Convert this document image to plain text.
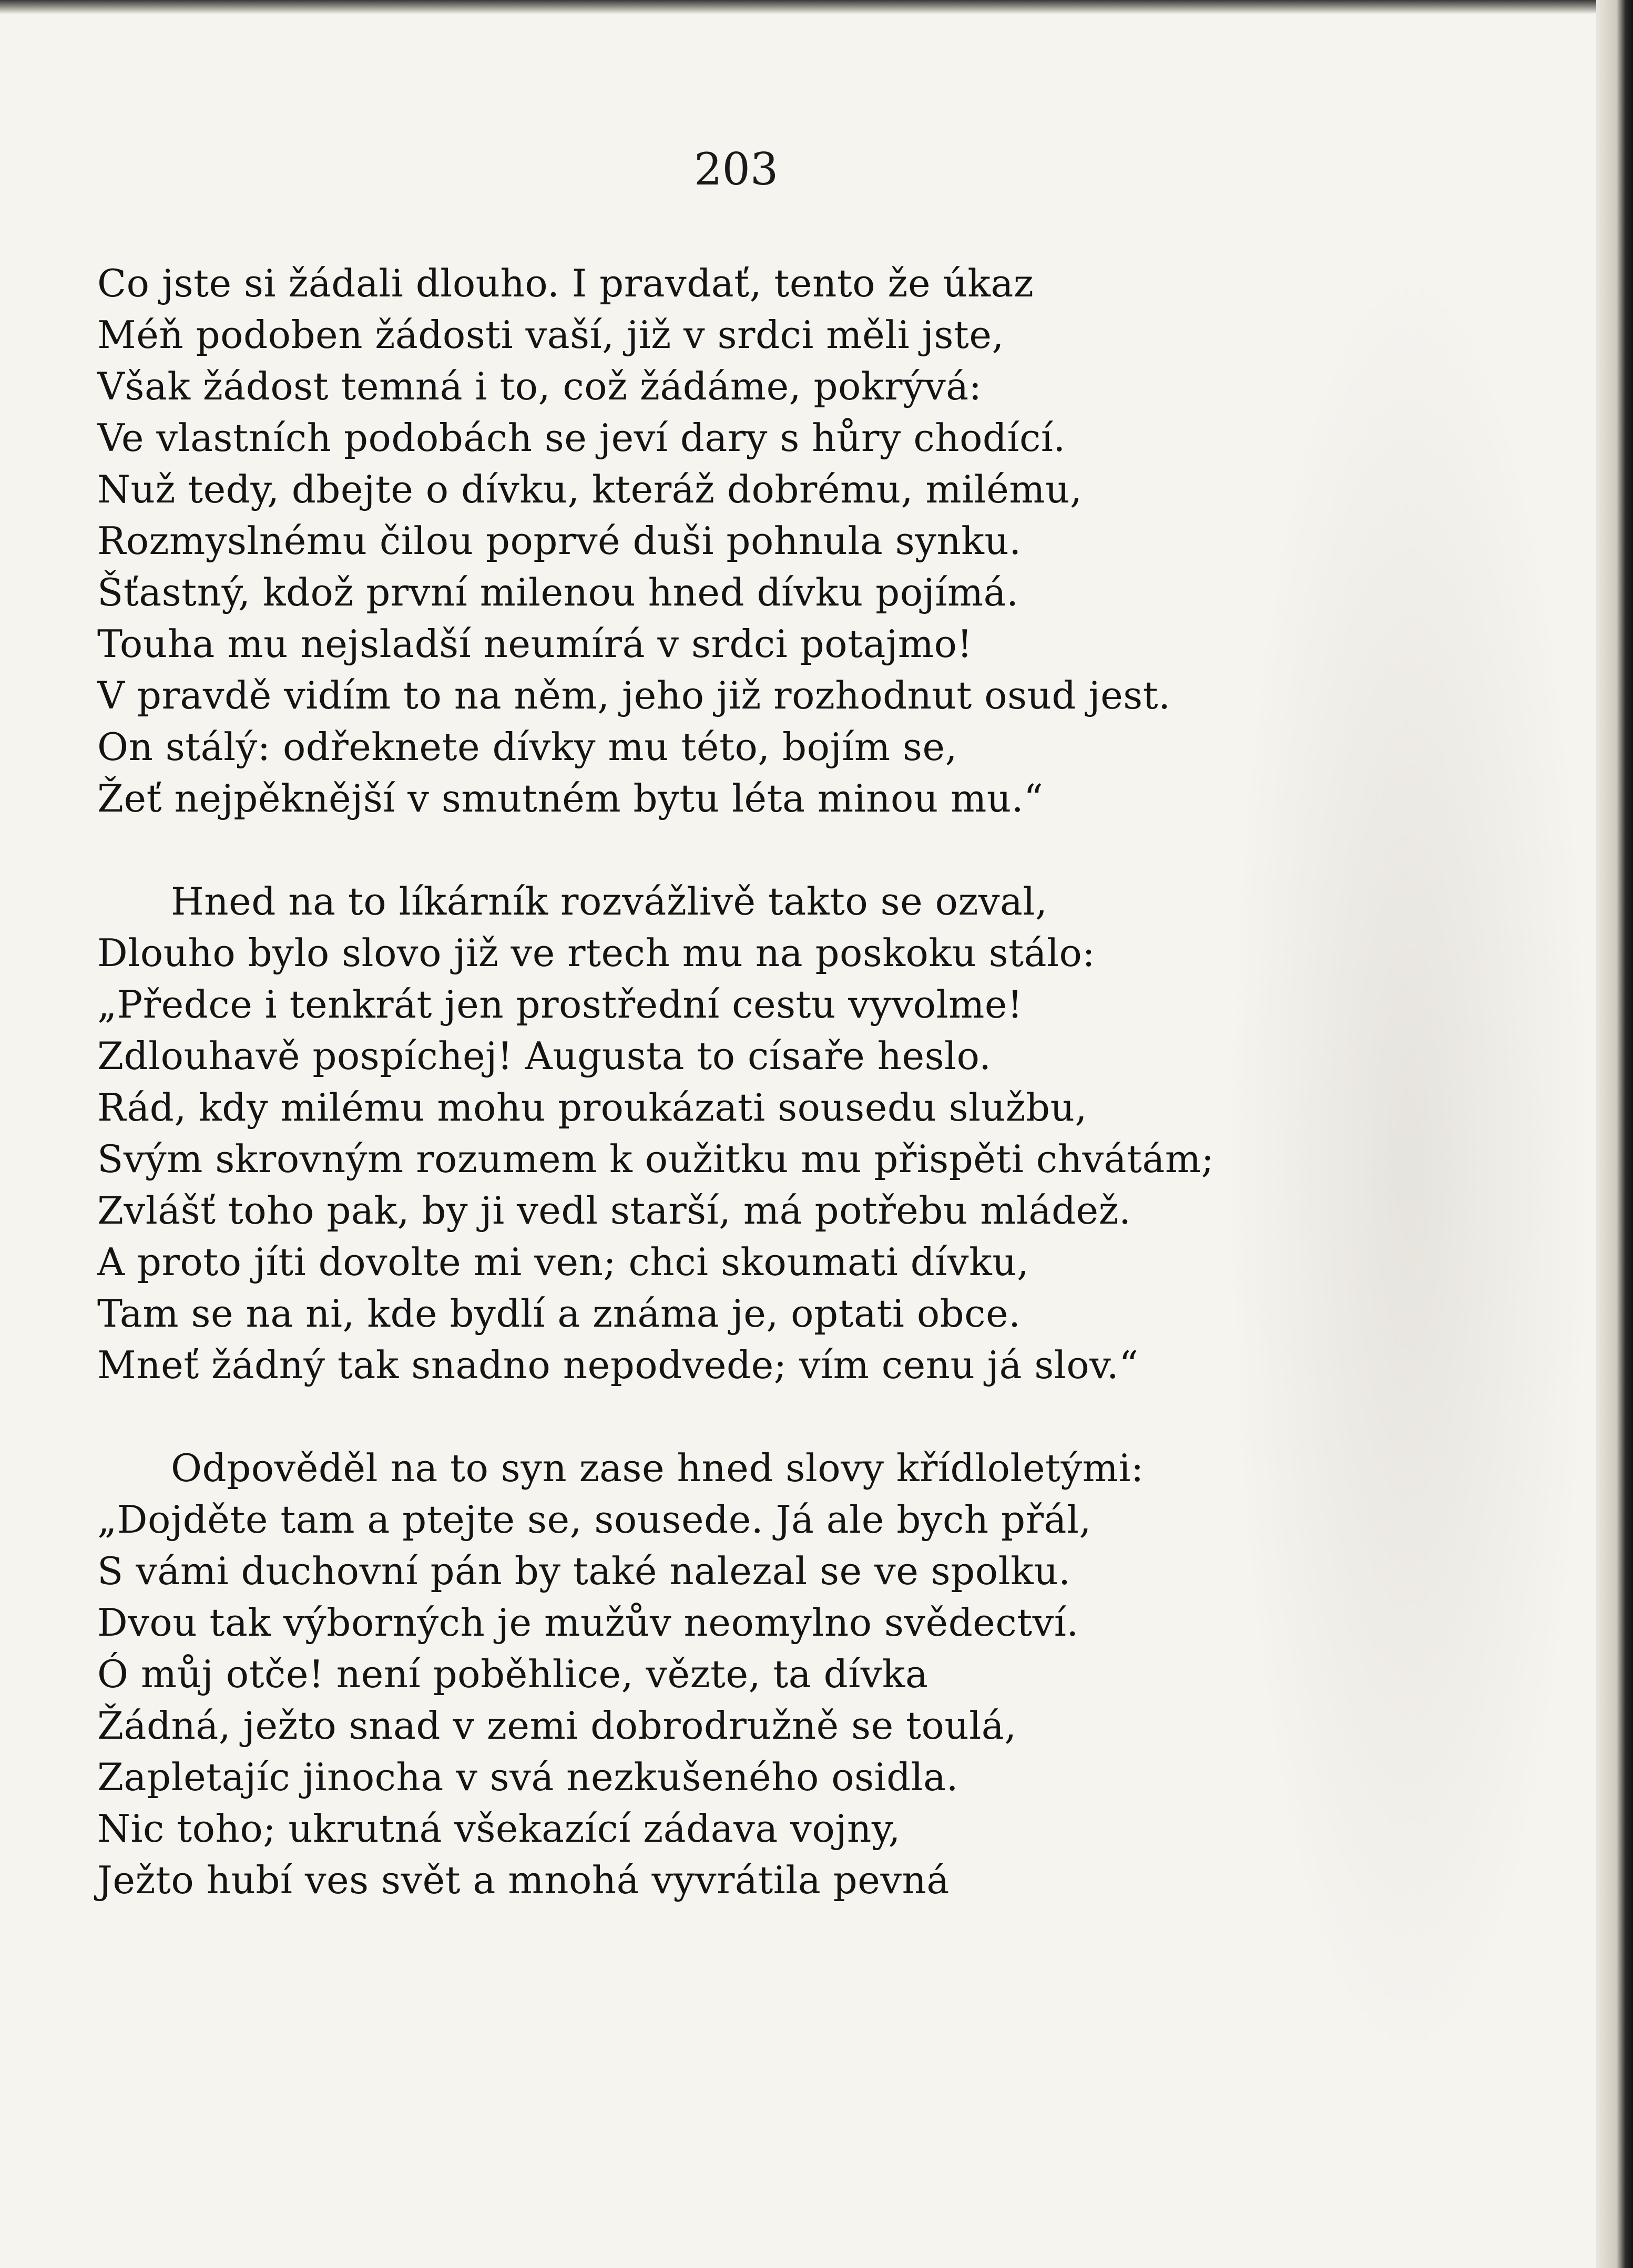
203
Co jste si žádali dlouho. I pravdať, tento že úkaz
Méň podoben žádosti vaší, již v srdci měli jste,
Však žádost temná i to, což žádáme, pokrývá:
Ve vlastních podobách se jeví dary s hůry chodící.
Nuž tedy, dbejte o dívku, kteráž dobrému, milému,
Rozmyslnému čilou poprvé duši pohnula synku.
Šťastný, kdož první milenou hned dívku pojímá.
Touha mu nejsladší neumírá v srdci potajmo!
V pravdě vidím to na něm, jeho již rozhodnut osud jest.
On stálý: odřeknete dívky mu této, bojím se,
Žeť nejpěknější v smutném bytu léta minou mu.“
Hned na to líkárník rozvážlivě takto se ozval,
Dlouho bylo slovo již ve rtech mu na poskoku stálo:
„Předce i tenkrát jen prostřední cestu vyvolme!
Zdlouhavě pospíchej! Augusta to císaře heslo.
Rád, kdy milému mohu proukázati sousedu službu,
Svým skrovným rozumem k oužitku mu přispěti chvátám;
Zvlášť toho pak, by ji vedl starší, má potřebu mládež.
A proto jíti dovolte mi ven; chci skoumati dívku,
Tam se na ni, kde bydlí a známa je, optati obce.
Mneť žádný tak snadno nepodvede; vím cenu já slov.“
Odpověděl na to syn zase hned slovy křídloletými:
„Dojděte tam a ptejte se, sousede. Já ale bych přál,
S vámi duchovní pán by také nalezal se ve spolku.
Dvou tak výborných je mužův neomylno svědectví.
Ó můj otče! není poběhlice, vězte, ta dívka
Žádná, ježto snad v zemi dobrodružně se toulá,
Zapletajíc jinocha v svá nezkušeného osidla.
Nic toho; ukrutná všekazící zádava vojny,
Ježto hubí ves svět a mnohá vyvrátila pevná
